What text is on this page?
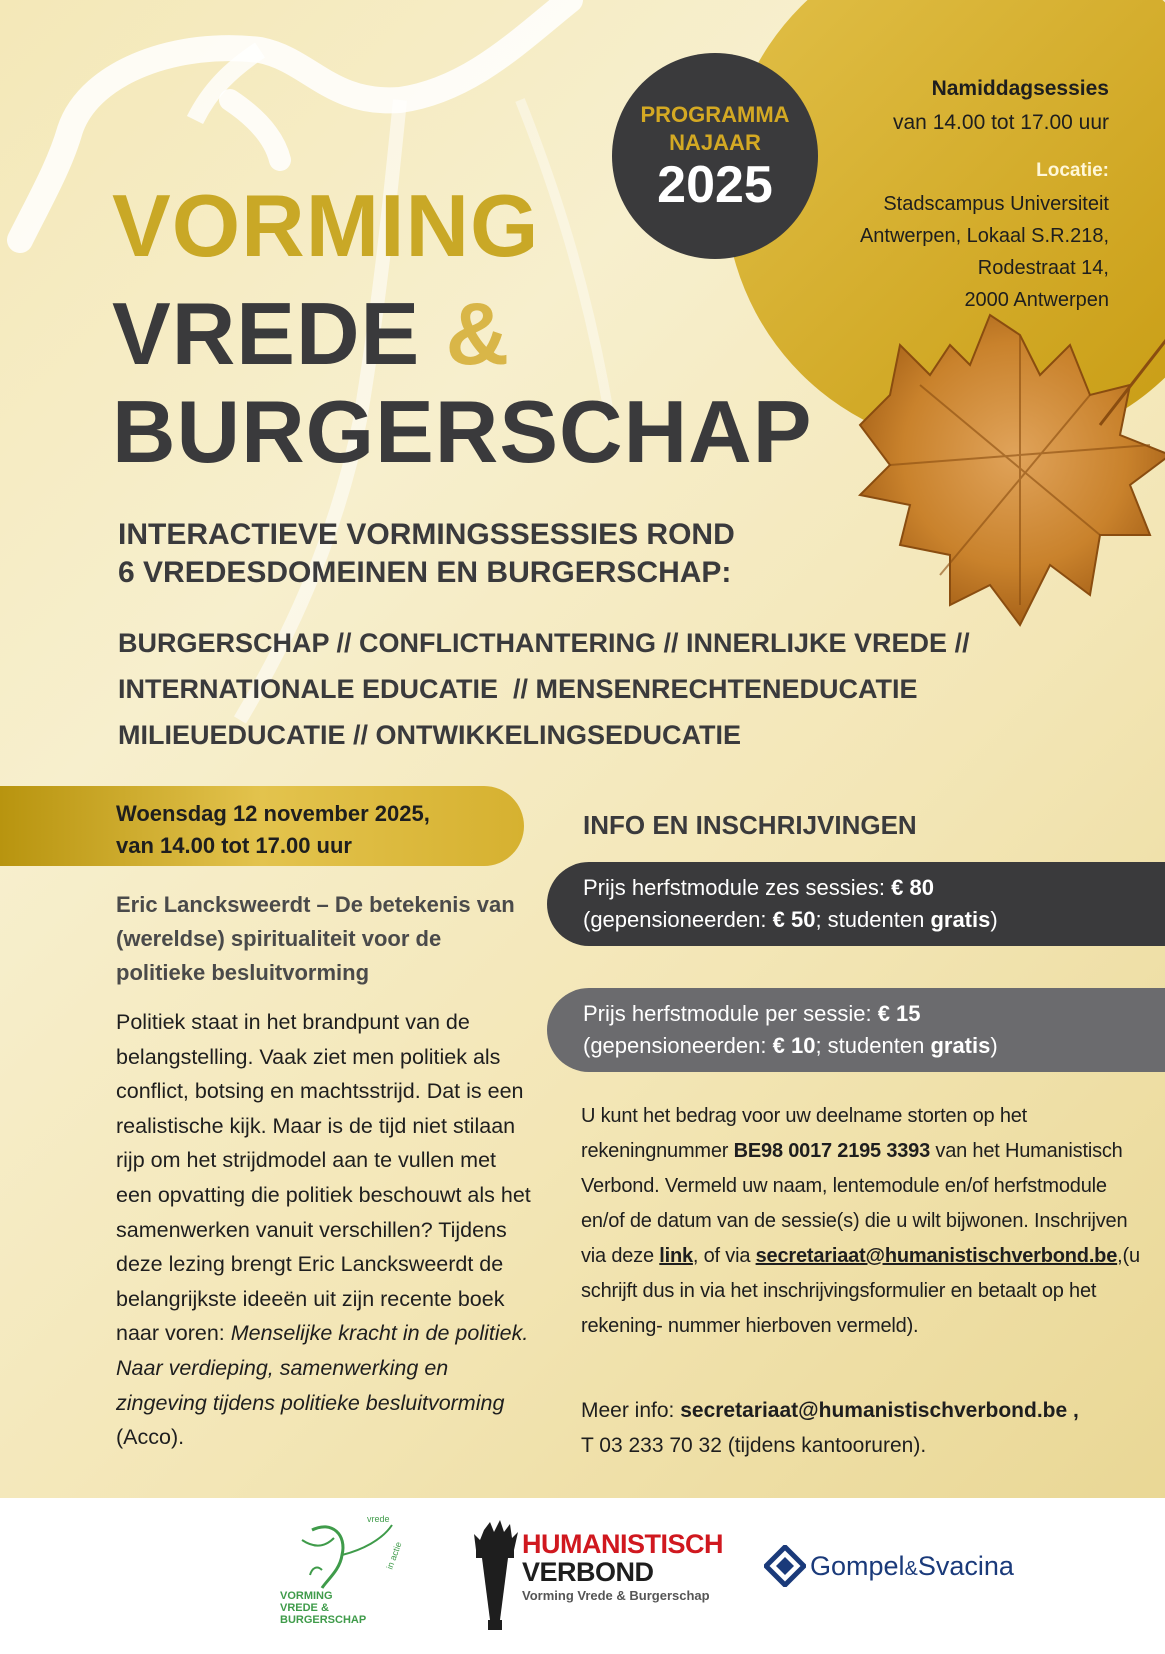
VORMING
VREDE &
BURGERSCHAP
PROGRAMMA
NAJAAR
2025
Namiddagsessies
van 14.00 tot 17.00 uur
Locatie:
Stadscampus Universiteit
Antwerpen, Lokaal S.R.218,
Rodestraat 14,
2000 Antwerpen
INTERACTIEVE VORMINGSSESSIES ROND
6 VREDESDOMEINEN EN BURGERSCHAP:
BURGERSCHAP // CONFLICTHANTERING // INNERLIJKE VREDE //
INTERNATIONALE EDUCATIE  // MENSENRECHTENEDUCATIE
MILIEUEDUCATIE // ONTWIKKELINGSEDUCATIE
Woensdag 12 november 2025,
van 14.00 tot 17.00 uur
Eric Lancksweerdt – De betekenis van (wereldse) spiritualiteit voor de politieke besluitvorming
Politiek staat in het brandpunt van de belangstelling. Vaak ziet men politiek als conflict, botsing en machtsstrijd. Dat is een realistische kijk. Maar is de tijd niet stilaan rijp om het strijdmodel aan te vullen met een opvatting die politiek beschouwt als het samenwerken vanuit verschillen? Tijdens deze lezing brengt Eric Lancksweerdt de belangrijkste ideeën uit zijn recente boek naar voren: Menselijke kracht in de politiek. Naar verdieping, samenwerking en zingeving tijdens politieke besluitvorming (Acco).
INFO EN INSCHRIJVINGEN
Prijs herfstmodule zes sessies: € 80
(gepensioneerden: € 50; studenten gratis)
Prijs herfstmodule per sessie: € 15
(gepensioneerden: € 10; studenten gratis)
U kunt het bedrag voor uw deelname storten op het rekeningnummer BE98 0017 2195 3393 van het Humanistisch Verbond. Vermeld uw naam, lentemodule en/of herfstmodule en/of de datum van de sessie(s) die u wilt bijwonen. Inschrijven via deze link, of via secretariaat@humanistischverbond.be,(u schrijft dus in via het inschrijvingsformulier en betaalt op het rekening- nummer hierboven vermeld).
Meer info: secretariaat@humanistischverbond.be ,
T 03 233 70 32 (tijdens kantooruren).
vrede
in actie
VORMING
VREDE &
BURGERSCHAP
HUMANISTISCH
VERBOND
Vorming Vrede & Burgerschap
Gompel&Svacina
